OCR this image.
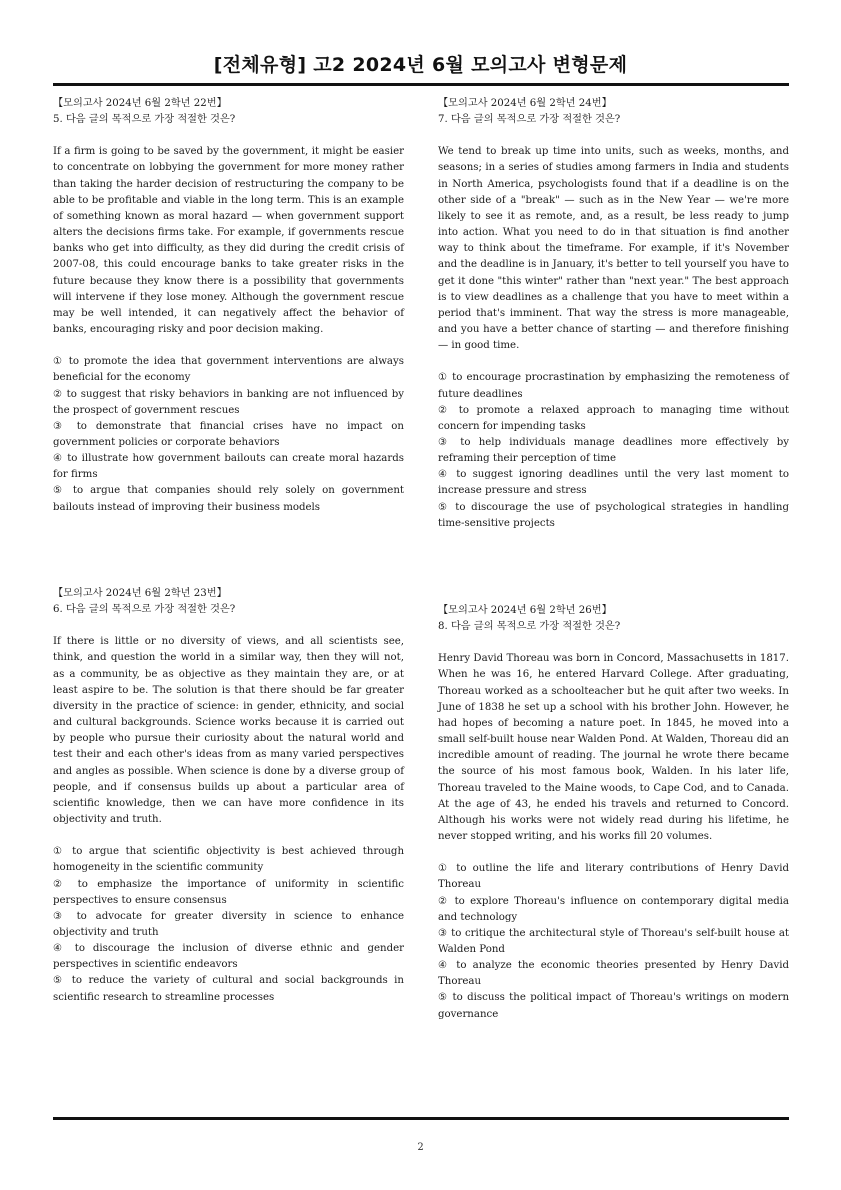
[전체유형] 고2 2024년 6월 모의고사 변형문제

【모의고사 2024년 6월 2학년 22번】

5. 다음 글의 목적으로 가장 적절한 것은?

If a firm is going to be saved by the government, it might be easier to concentrate on lobbying the government for more money rather than taking the harder decision of restructuring the company to be able to be profitable and viable in the long term. This is an example of something known as moral hazard — when government support alters the decisions firms take. For example, if governments rescue banks who get into difficulty, as they did during the credit crisis of 2007-08, this could encourage banks to take greater risks in the future because they know there is a possibility that governments will intervene if they lose money. Although the government rescue may be well intended, it can negatively affect the behavior of banks, encouraging risky and poor decision making.

① to promote the idea that government interventions are always beneficial for the economy

② to suggest that risky behaviors in banking are not influenced by the prospect of government rescues

③ to demonstrate that financial crises have no impact on government policies or corporate behaviors

④ to illustrate how government bailouts can create moral hazards for firms

⑤ to argue that companies should rely solely on government bailouts instead of improving their business models

【모의고사 2024년 6월 2학년 24번】

7. 다음 글의 목적으로 가장 적절한 것은?

We tend to break up time into units, such as weeks, months, and seasons; in a series of studies among farmers in India and students in North America, psychologists found that if a deadline is on the other side of a "break" — such as in the New Year — we're more likely to see it as remote, and, as a result, be less ready to jump into action. What you need to do in that situation is find another way to think about the timeframe. For example, if it's November and the deadline is in January, it's better to tell yourself you have to get it done "this winter" rather than "next year." The best approach is to view deadlines as a challenge that you have to meet within a period that's imminent. That way the stress is more manageable, and you have a better chance of starting — and therefore finishing — in good time.

① to encourage procrastination by emphasizing the remoteness of future deadlines

② to promote a relaxed approach to managing time without concern for impending tasks

③ to help individuals manage deadlines more effectively by reframing their perception of time

④ to suggest ignoring deadlines until the very last moment to increase pressure and stress

⑤ to discourage the use of psychological strategies in handling time-sensitive projects

【모의고사 2024년 6월 2학년 23번】

6. 다음 글의 목적으로 가장 적절한 것은?

If there is little or no diversity of views, and all scientists see, think, and question the world in a similar way, then they will not, as a community, be as objective as they maintain they are, or at least aspire to be. The solution is that there should be far greater diversity in the practice of science: in gender, ethnicity, and social and cultural backgrounds. Science works because it is carried out by people who pursue their curiosity about the natural world and test their and each other's ideas from as many varied perspectives and angles as possible. When science is done by a diverse group of people, and if consensus builds up about a particular area of scientific knowledge, then we can have more confidence in its objectivity and truth.

① to argue that scientific objectivity is best achieved through homogeneity in the scientific community

② to emphasize the importance of uniformity in scientific perspectives to ensure consensus

③ to advocate for greater diversity in science to enhance objectivity and truth

④ to discourage the inclusion of diverse ethnic and gender perspectives in scientific endeavors

⑤ to reduce the variety of cultural and social backgrounds in scientific research to streamline processes

【모의고사 2024년 6월 2학년 26번】

8. 다음 글의 목적으로 가장 적절한 것은?

Henry David Thoreau was born in Concord, Massachusetts in 1817. When he was 16, he entered Harvard College. After graduating, Thoreau worked as a schoolteacher but he quit after two weeks. In June of 1838 he set up a school with his brother John. However, he had hopes of becoming a nature poet. In 1845, he moved into a small self-built house near Walden Pond. At Walden, Thoreau did an incredible amount of reading. The journal he wrote there became the source of his most famous book, Walden. In his later life, Thoreau traveled to the Maine woods, to Cape Cod, and to Canada. At the age of 43, he ended his travels and returned to Concord. Although his works were not widely read during his lifetime, he never stopped writing, and his works fill 20 volumes.

① to outline the life and literary contributions of Henry David Thoreau

② to explore Thoreau's influence on contemporary digital media and technology

③ to critique the architectural style of Thoreau's self-built house at Walden Pond

④ to analyze the economic theories presented by Henry David Thoreau

⑤ to discuss the political impact of Thoreau's writings on modern governance

2
